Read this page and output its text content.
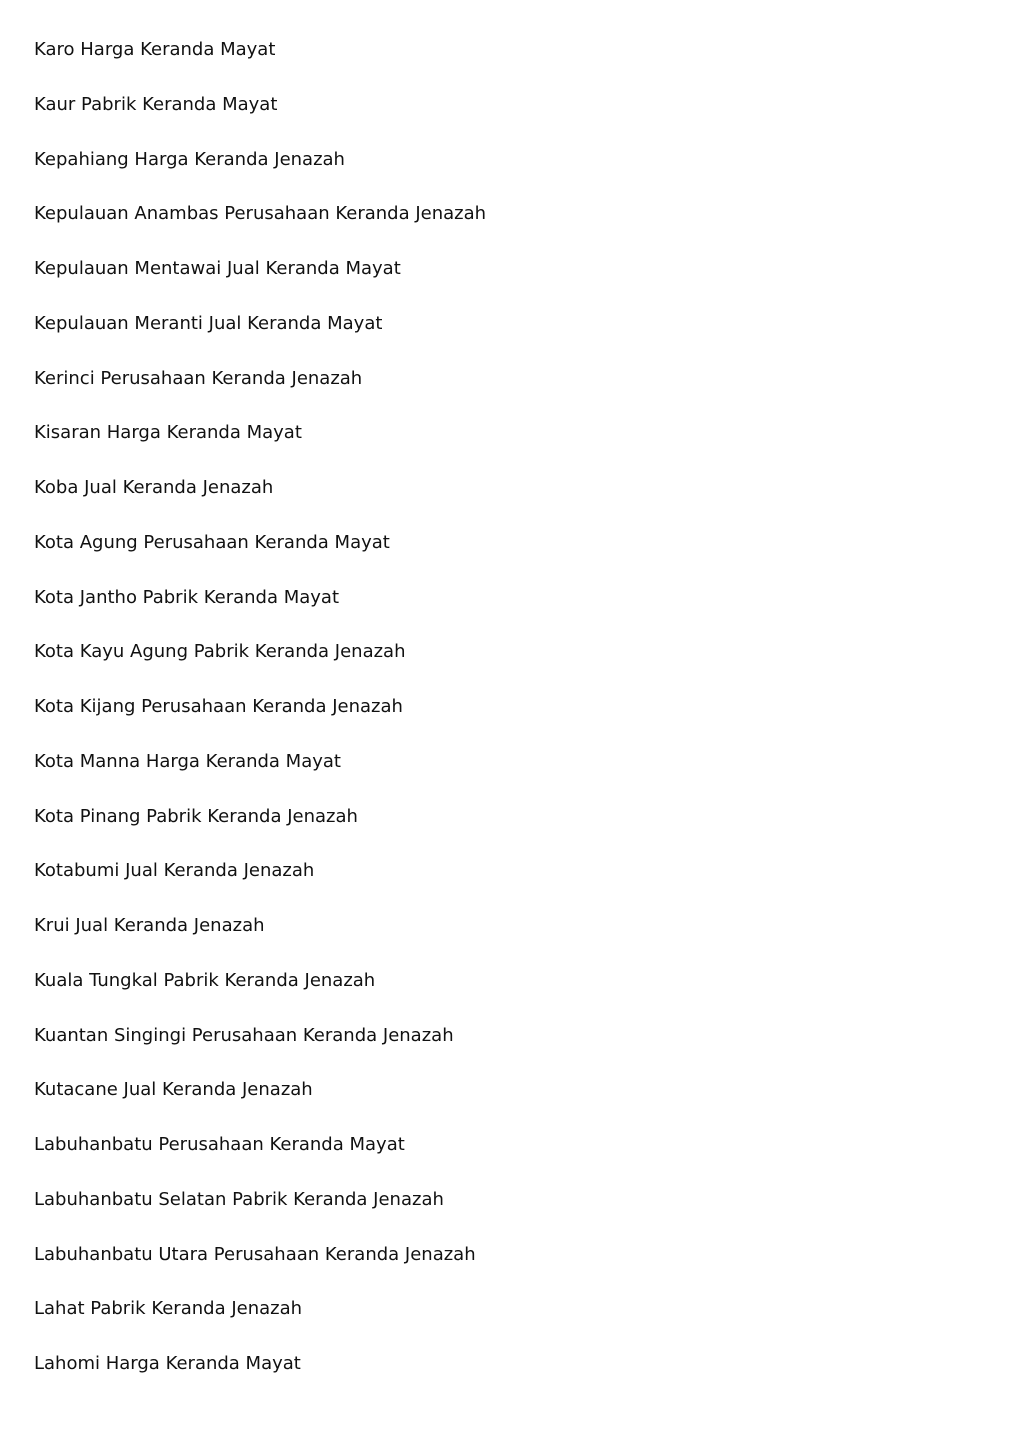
Karo Harga Keranda Mayat
Kaur Pabrik Keranda Mayat
Kepahiang Harga Keranda Jenazah
Kepulauan Anambas Perusahaan Keranda Jenazah
Kepulauan Mentawai Jual Keranda Mayat
Kepulauan Meranti Jual Keranda Mayat
Kerinci Perusahaan Keranda Jenazah
Kisaran Harga Keranda Mayat
Koba Jual Keranda Jenazah
Kota Agung Perusahaan Keranda Mayat
Kota Jantho Pabrik Keranda Mayat
Kota Kayu Agung Pabrik Keranda Jenazah
Kota Kijang Perusahaan Keranda Jenazah
Kota Manna Harga Keranda Mayat
Kota Pinang Pabrik Keranda Jenazah
Kotabumi Jual Keranda Jenazah
Krui Jual Keranda Jenazah
Kuala Tungkal Pabrik Keranda Jenazah
Kuantan Singingi Perusahaan Keranda Jenazah
Kutacane Jual Keranda Jenazah
Labuhanbatu Perusahaan Keranda Mayat
Labuhanbatu Selatan Pabrik Keranda Jenazah
Labuhanbatu Utara Perusahaan Keranda Jenazah
Lahat Pabrik Keranda Jenazah
Lahomi Harga Keranda Mayat
